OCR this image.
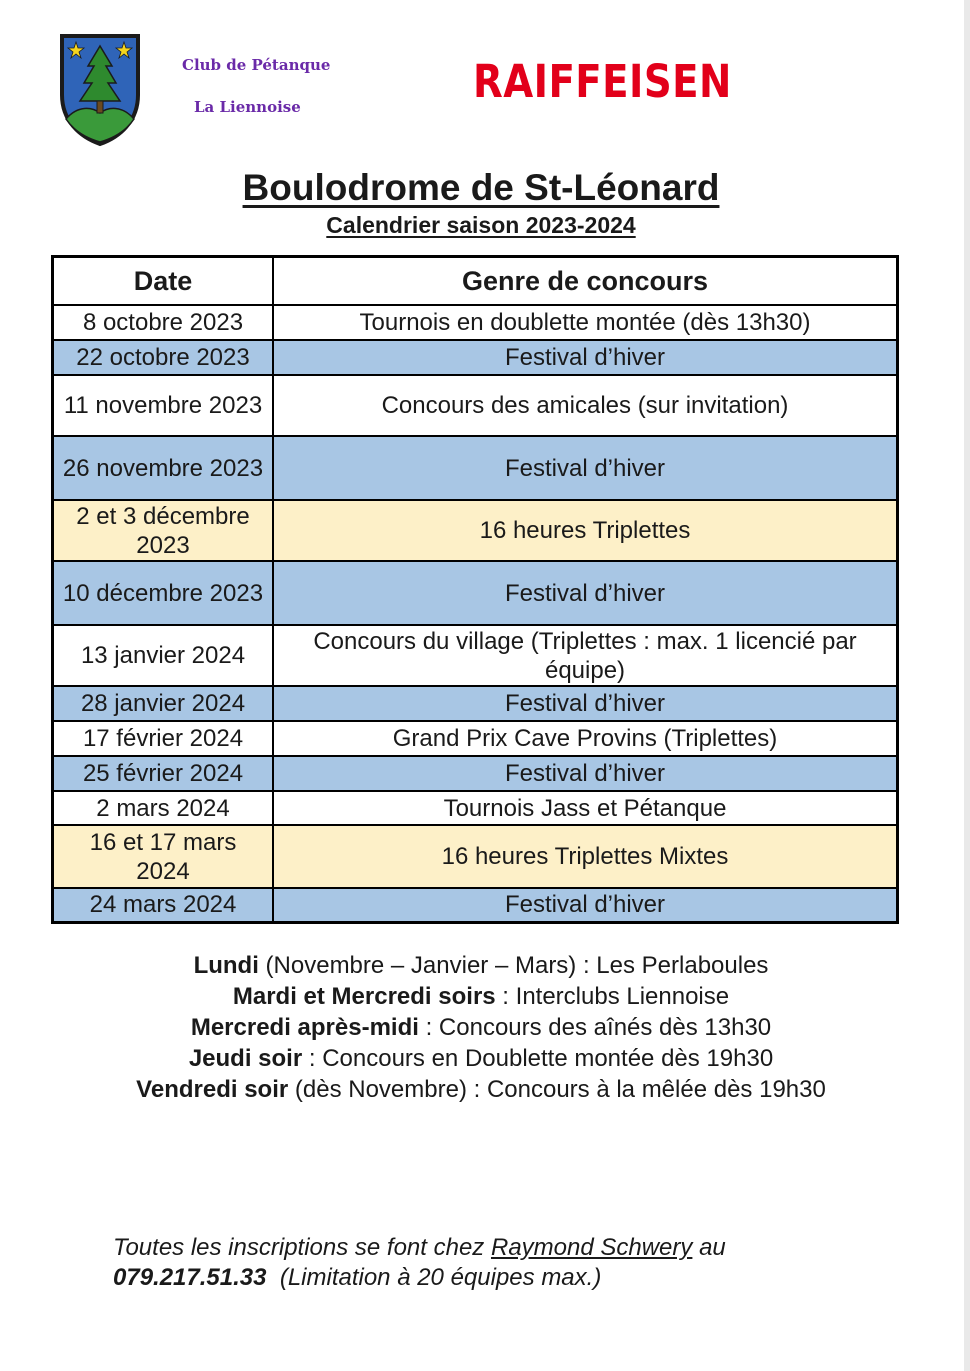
Club de Pétanque
La Liennoise	RAIFFEISEN
Boulodrome de St-Léonard
Calendrier saison 2023-2024
Date	Genre de concours
8 octobre 2023	Tournois en doublette montée (dès 13h30)
22 octobre 2023	Festival d’hiver
11 novembre 2023	Concours des amicales (sur invitation)
26 novembre 2023	Festival d’hiver
2 et 3 décembre 2023	16 heures Triplettes
10 décembre 2023	Festival d’hiver
13 janvier 2024	Concours du village (Triplettes : max. 1 licencié par équipe)
28 janvier 2024	Festival d’hiver
17 février 2024	Grand Prix Cave Provins (Triplettes)
25 février 2024	Festival d’hiver
2 mars 2024	Tournois Jass et Pétanque
16 et 17 mars 2024	16 heures Triplettes Mixtes
24 mars 2024	Festival d’hiver

Lundi (Novembre – Janvier – Mars) : Les Perlaboules

Mardi et Mercredi soirs : Interclubs Liennoise

Mercredi après-midi : Concours des aînés dès 13h30

Jeudi soir : Concours en Doublette montée dès 19h30

Vendredi soir (dès Novembre) : Concours à la mêlée dès 19h30

Toutes les inscriptions se font chez Raymond Schwery au
079.217.51.33  (Limitation à 20 équipes max.)
